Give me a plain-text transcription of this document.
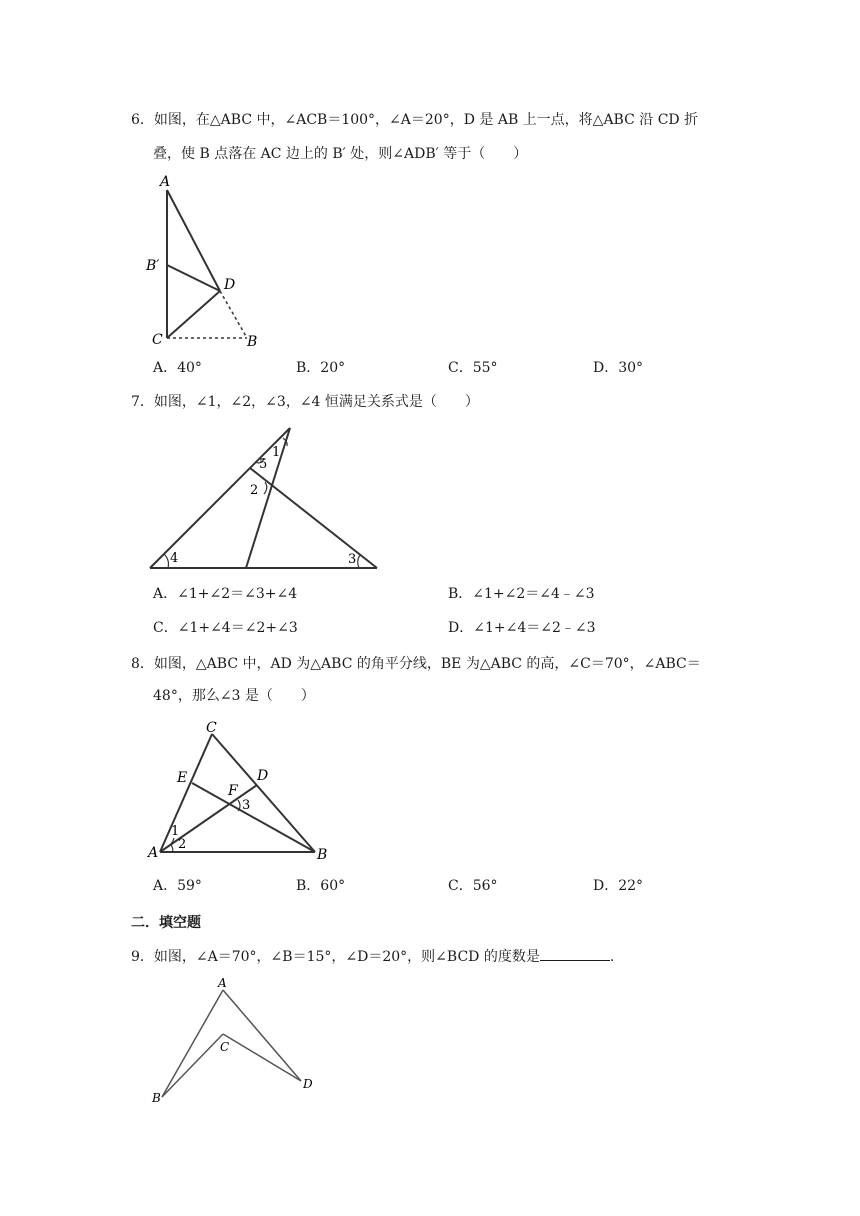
6．如图，在△ABC 中，∠ACB＝100°，∠A＝20°，D 是 AB 上一点，将△ABC 沿 CD 折
叠，使 B 点落在 AC 边上的 B′ 处，则∠ADB′ 等于（　　）
A
B′
D
C	B
A．40°	B．20°	C．55°	D．30°
7．如图，∠1，∠2，∠3，∠4 恒满足关系式是（　　）
1
5
2
4	3
A．∠1+∠2＝∠3+∠4	B．∠1+∠2＝∠4﹣∠3
C．∠1+∠4＝∠2+∠3	D．∠1+∠4＝∠2﹣∠3
8．如图，△ABC 中，AD 为△ABC 的角平分线，BE 为△ABC 的高，∠C＝70°，∠ABC＝
48°，那么∠3 是（　　）
C
E	D
F
3
1
2
A	B
A．59°	B．60°	C．56°	D．22°
二．填空题
9．如图，∠A＝70°，∠B＝15°，∠D＝20°，则∠BCD 的度数是	.
A
C
B
D
